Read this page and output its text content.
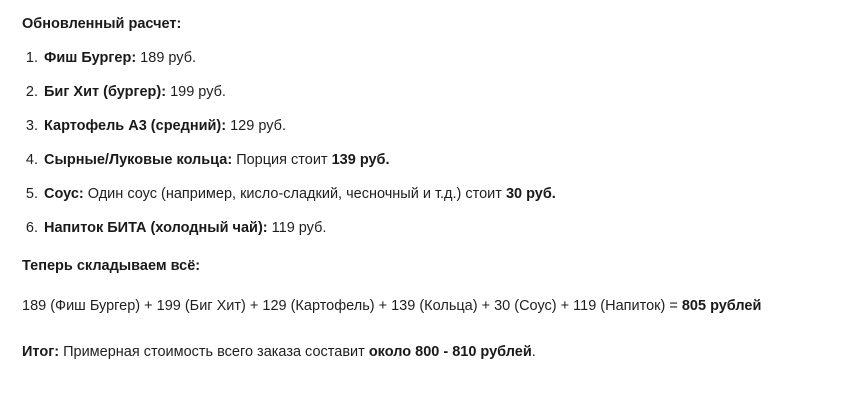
Обновленный расчет:

1. Фиш Бургер: 189 руб.
2. Биг Хит (бургер): 199 руб.
3. Картофель А3 (средний): 129 руб.
4. Сырные/Луковые кольца: Порция стоит 139 руб.
5. Соус: Один соус (например, кисло-сладкий, чесночный и т.д.) стоит 30 руб.
6. Напиток БИТА (холодный чай): 119 руб.

Теперь складываем всё:

189 (Фиш Бургер) + 199 (Биг Хит) + 129 (Картофель) + 139 (Кольца) + 30 (Соус) + 119 (Напиток) = 805 рублей

Итог: Примерная стоимость всего заказа составит около 800 - 810 рублей.
